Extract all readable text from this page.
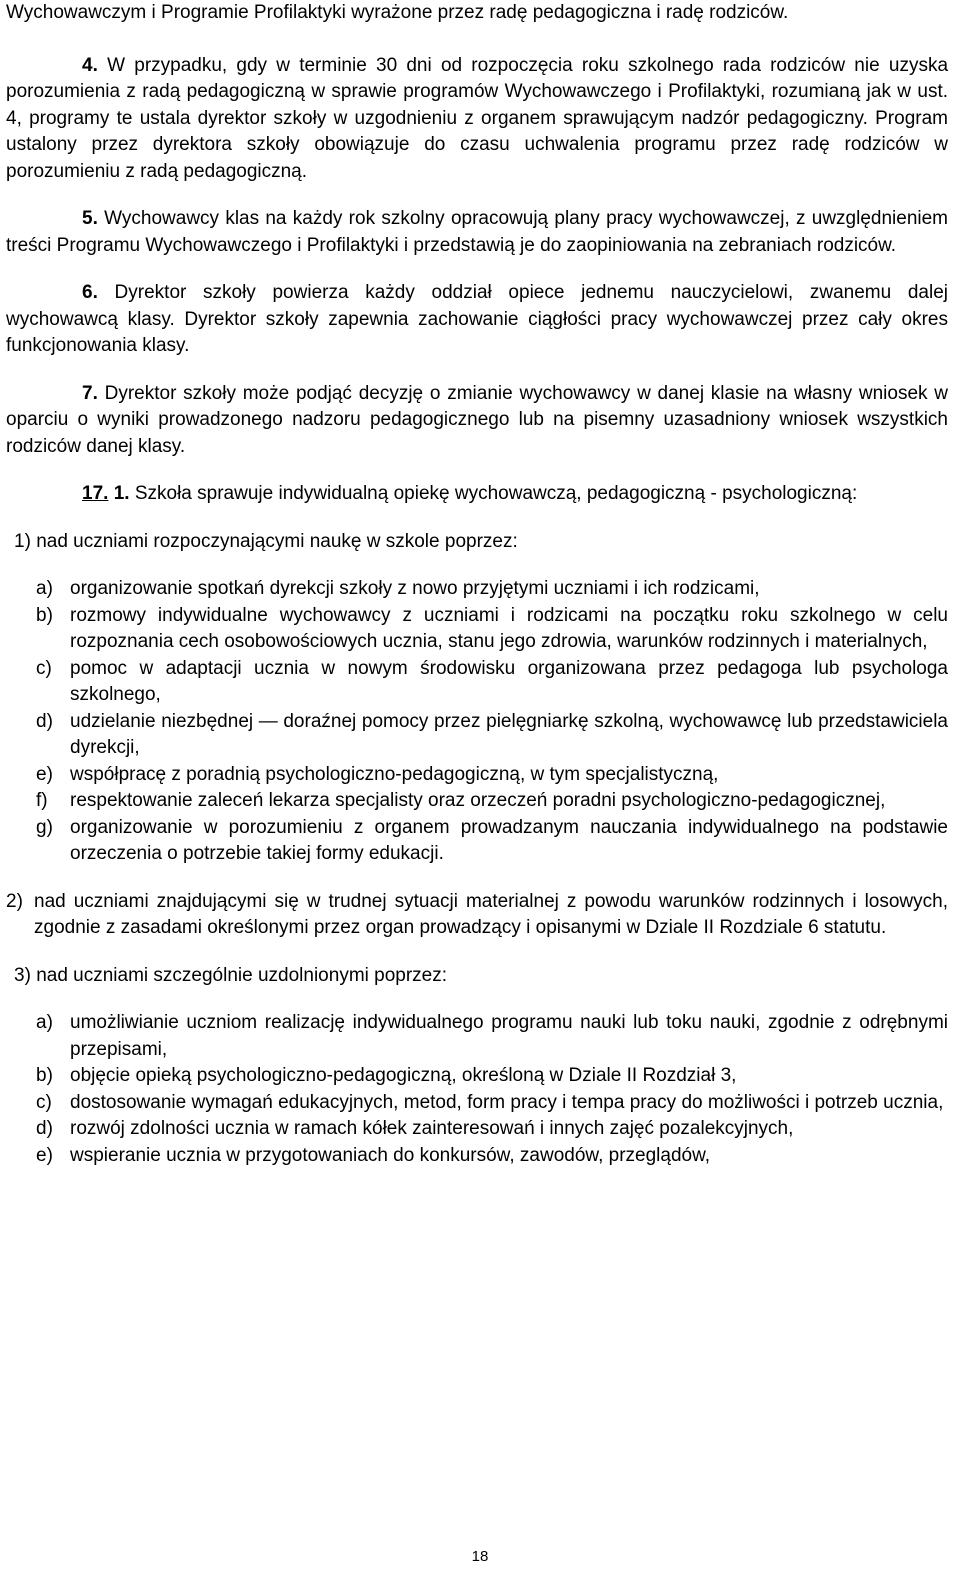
Wychowawczym i Programie Profilaktyki wyrażone przez radę pedagogiczna i radę rodziców.

4. W przypadku, gdy w terminie 30 dni od rozpoczęcia roku szkolnego rada rodziców nie uzyska porozumienia z radą pedagogiczną w sprawie programów Wychowawczego i Profilaktyki, rozumianą jak w ust. 4, programy te ustala dyrektor szkoły w uzgodnieniu z organem sprawującym nadzór pedagogiczny. Program ustalony przez dyrektora szkoły obowiązuje do czasu uchwalenia programu przez radę rodziców w porozumieniu z radą pedagogiczną.

5. Wychowawcy klas na każdy rok szkolny opracowują plany pracy wychowawczej, z uwzględnieniem treści Programu Wychowawczego i Profilaktyki i przedstawią je do zaopiniowania na zebraniach rodziców.

6. Dyrektor szkoły powierza każdy oddział opiece jednemu nauczycielowi, zwanemu dalej wychowawcą klasy. Dyrektor szkoły zapewnia zachowanie ciągłości pracy wychowawczej przez cały okres funkcjonowania klasy.

7. Dyrektor szkoły może podjąć decyzję o zmianie wychowawcy w danej klasie na własny wniosek w oparciu o wyniki prowadzonego nadzoru pedagogicznego lub na pisemny uzasadniony wniosek wszystkich rodziców danej klasy.

17. 1. Szkoła sprawuje indywidualną opiekę wychowawczą, pedagogiczną - psychologiczną:

1) nad uczniami rozpoczynającymi naukę w szkole poprzez:

a) organizowanie spotkań dyrekcji szkoły z nowo przyjętymi uczniami i ich rodzicami,
b) rozmowy indywidualne wychowawcy z uczniami i rodzicami na początku roku szkolnego w celu rozpoznania cech osobowościowych ucznia, stanu jego zdrowia, warunków rodzinnych i materialnych,
c) pomoc w adaptacji ucznia w nowym środowisku organizowana przez pedagoga lub psychologa szkolnego,
d) udzielanie niezbędnej — doraźnej pomocy przez pielęgniarkę szkolną, wychowawcę lub przedstawiciela dyrekcji,
e) współpracę z poradnią psychologiczno-pedagogiczną, w tym specjalistyczną,
f)	respektowanie zaleceń lekarza specjalisty oraz orzeczeń poradni psychologiczno-pedagogicznej,
g) organizowanie w porozumieniu z organem prowadzanym nauczania indywidualnego na podstawie orzeczenia o potrzebie takiej formy edukacji.
2) nad uczniami znajdującymi się w trudnej sytuacji materialnej z powodu warunków rodzinnych i losowych, zgodnie z zasadami określonymi przez organ prowadzący i opisanymi w Dziale II Rozdziale 6 statutu.

3) nad uczniami szczególnie uzdolnionymi poprzez:

a) umożliwianie uczniom realizację indywidualnego programu nauki lub toku nauki, zgodnie z odrębnymi przepisami,
b) objęcie opieką psychologiczno-pedagogiczną, określoną w Dziale II Rozdział 3,
c) dostosowanie wymagań edukacyjnych, metod, form pracy i tempa pracy do możliwości i potrzeb ucznia,
d) rozwój zdolności ucznia w ramach kółek zainteresowań i innych zajęć pozalekcyjnych,
e) wspieranie ucznia w przygotowaniach do konkursów, zawodów, przeglądów,
18
